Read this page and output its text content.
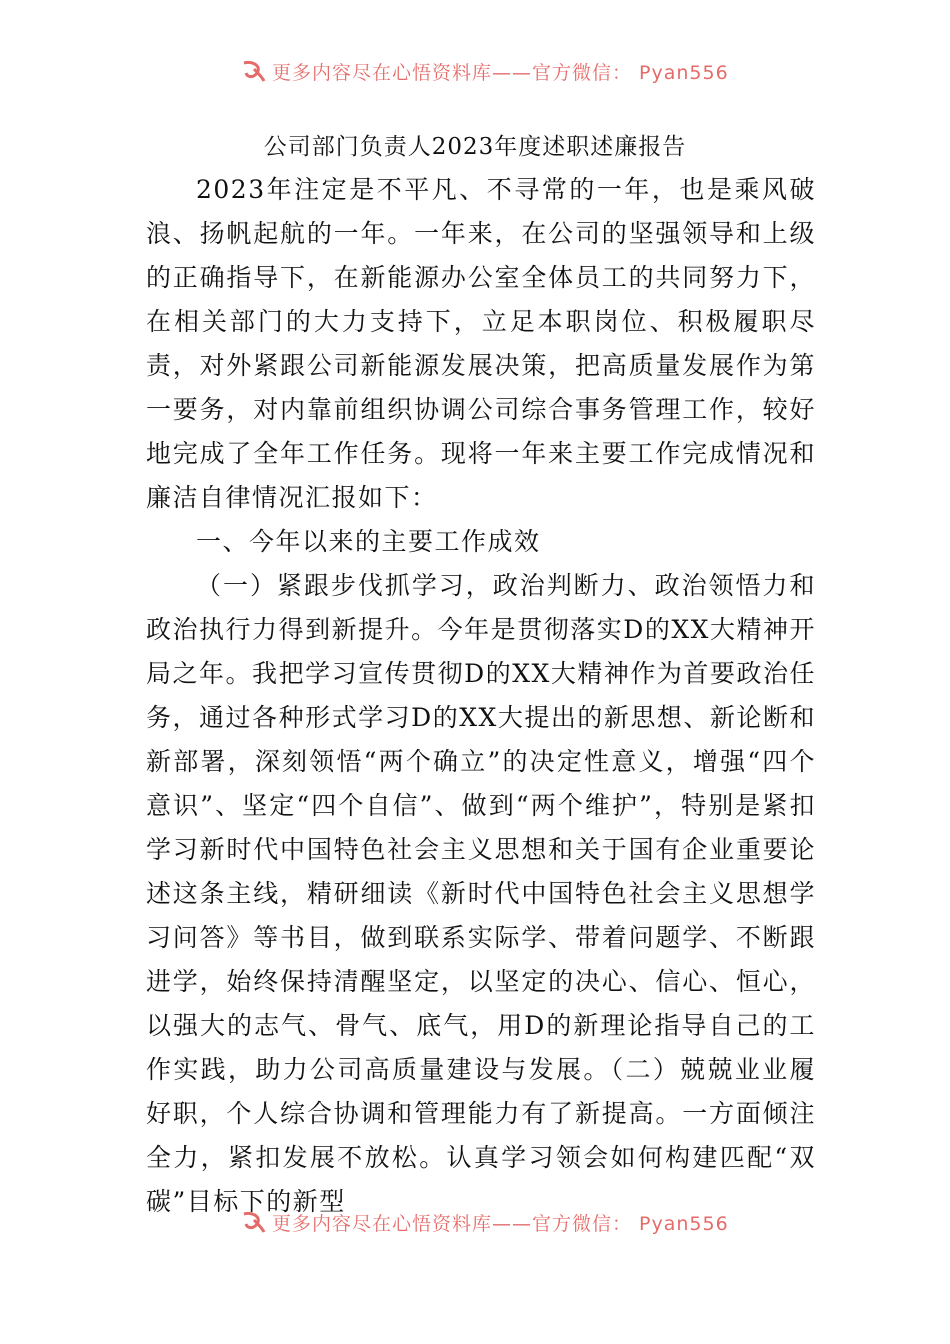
更多内容尽在心悟资料库——官方微信： Pyan556
公司部门负责人2023年度述职述廉报告

2023年注定是不平凡、不寻常的一年，也是乘风破浪、扬帆起航的一年。一年来，在公司的坚强领导和上级的正确指导下，在新能源办公室全体员工的共同努力下，在相关部门的大力支持下，立足本职岗位、积极履职尽责，对外紧跟公司新能源发展决策，把高质量发展作为第一要务，对内靠前组织协调公司综合事务管理工作，较好地完成了全年工作任务。现将一年来主要工作完成情况和廉洁自律情况汇报如下：

一、今年以来的主要工作成效

（一）紧跟步伐抓学习，政治判断力、政治领悟力和政治执行力得到新提升。今年是贯彻落实D的XX大精神开局之年。我把学习宣传贯彻D的XX大精神作为首要政治任务，通过各种形式学习D的XX大提出的新思想、新论断和新部署，深刻领悟“两个确立”的决定性意义，增强“四个意识”、坚定“四个自信”、做到“两个维护”，特别是紧扣学习新时代中国特色社会主义思想和关于国有企业重要论述这条主线，精研细读《新时代中国特色社会主义思想学习问答》等书目，做到联系实际学、带着问题学、不断跟进学，始终保持清醒坚定，以坚定的决心、信心、恒心，以强大的志气、骨气、底气，用D的新理论指导自己的工作实践，助力公司高质量建设与发展。（二）兢兢业业履好职，个人综合协调和管理能力有了新提高。一方面倾注全力，紧扣发展不放松。认真学习领会如何构建匹配“双碳”目标下的新型

更多内容尽在心悟资料库——官方微信： Pyan556
